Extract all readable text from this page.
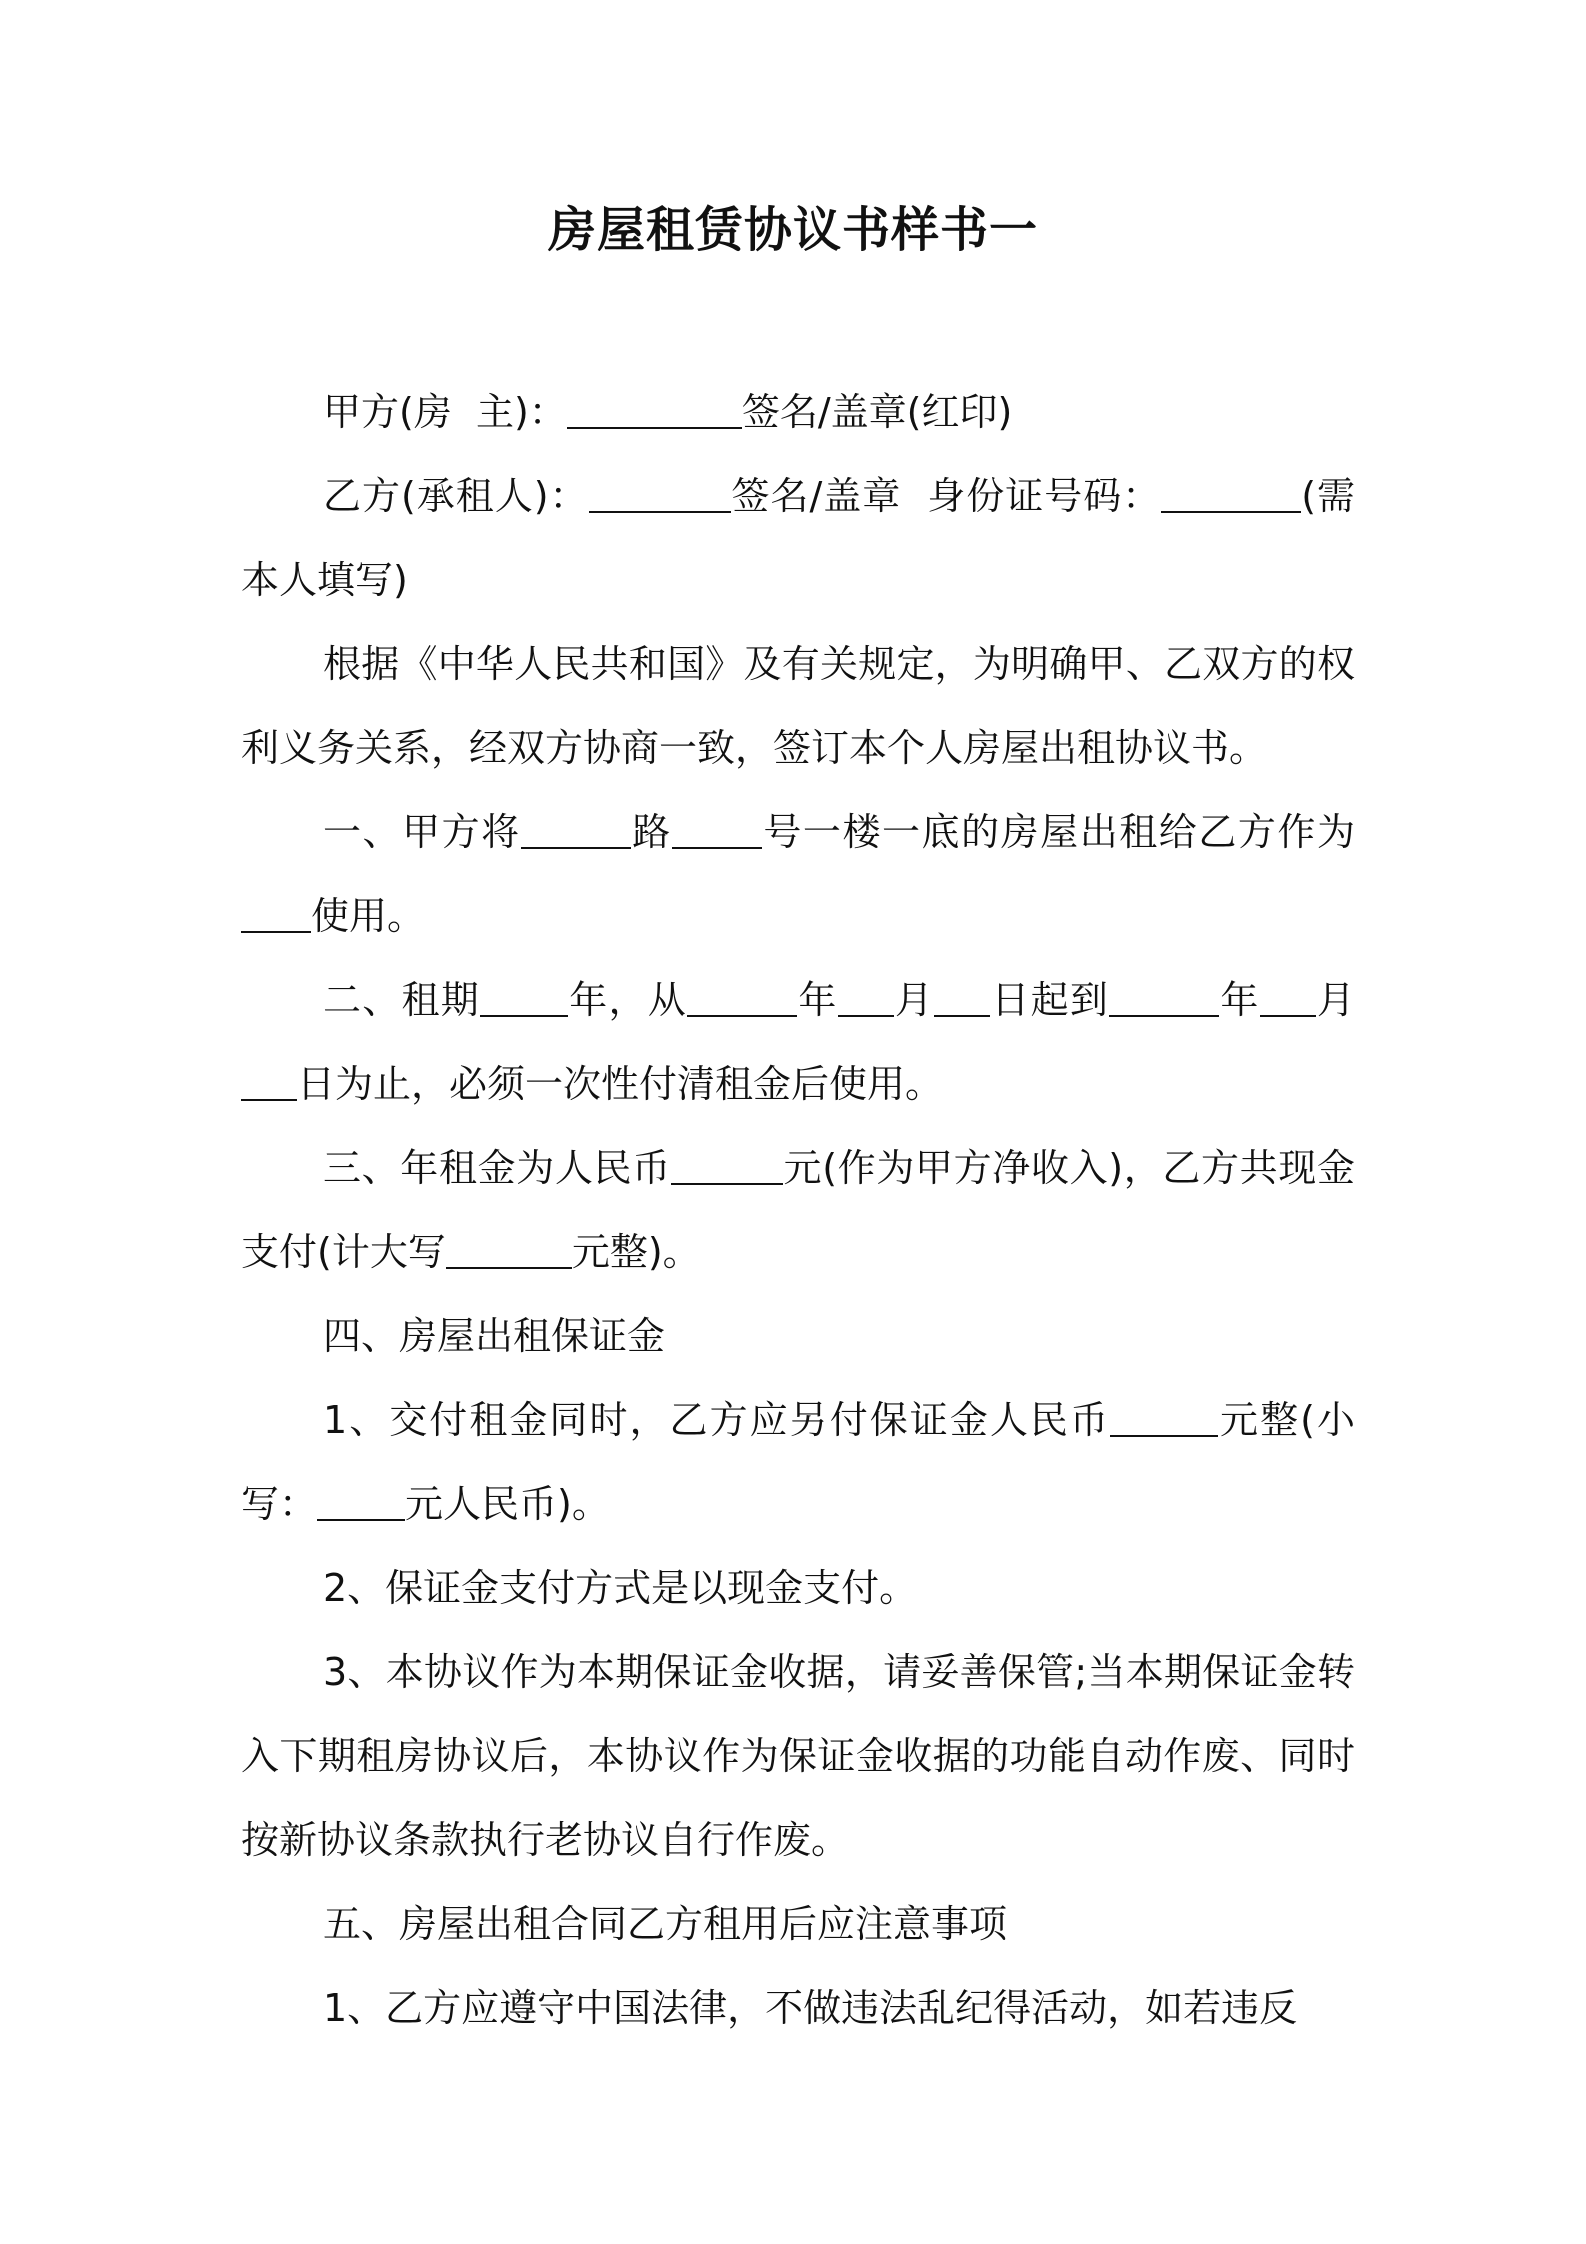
房屋租赁协议书样书一

甲方(房  主)：	签名/盖章(红印)

乙方(承租人)：	签名/盖章  身份证号码：	(需本人填写)

根据《中华人民共和国》及有关规定，为明确甲、乙双方的权利义务关系，经双方协商一致，签订本个人房屋出租协议书。

一、甲方将	路 号一楼一底的房屋出租给乙方作为使用。

二、租期 年，从	年 月 日起到	年 月日为止，必须一次性付清租金后使用。

三、年租金为人民币	元(作为甲方净收入)，乙方共现金支付(计大写	元整)。

四、房屋出租保证金

1、交付租金同时，乙方应另付保证金人民币	元整(小写： 元人民币)。

2、保证金支付方式是以现金支付。

3、本协议作为本期保证金收据，请妥善保管;当本期保证金转入下期租房协议后，本协议作为保证金收据的功能自动作废、同时按新协议条款执行老协议自行作废。

五、房屋出租合同乙方租用后应注意事项

1、乙方应遵守中国法律，不做违法乱纪得活动，如若违反
